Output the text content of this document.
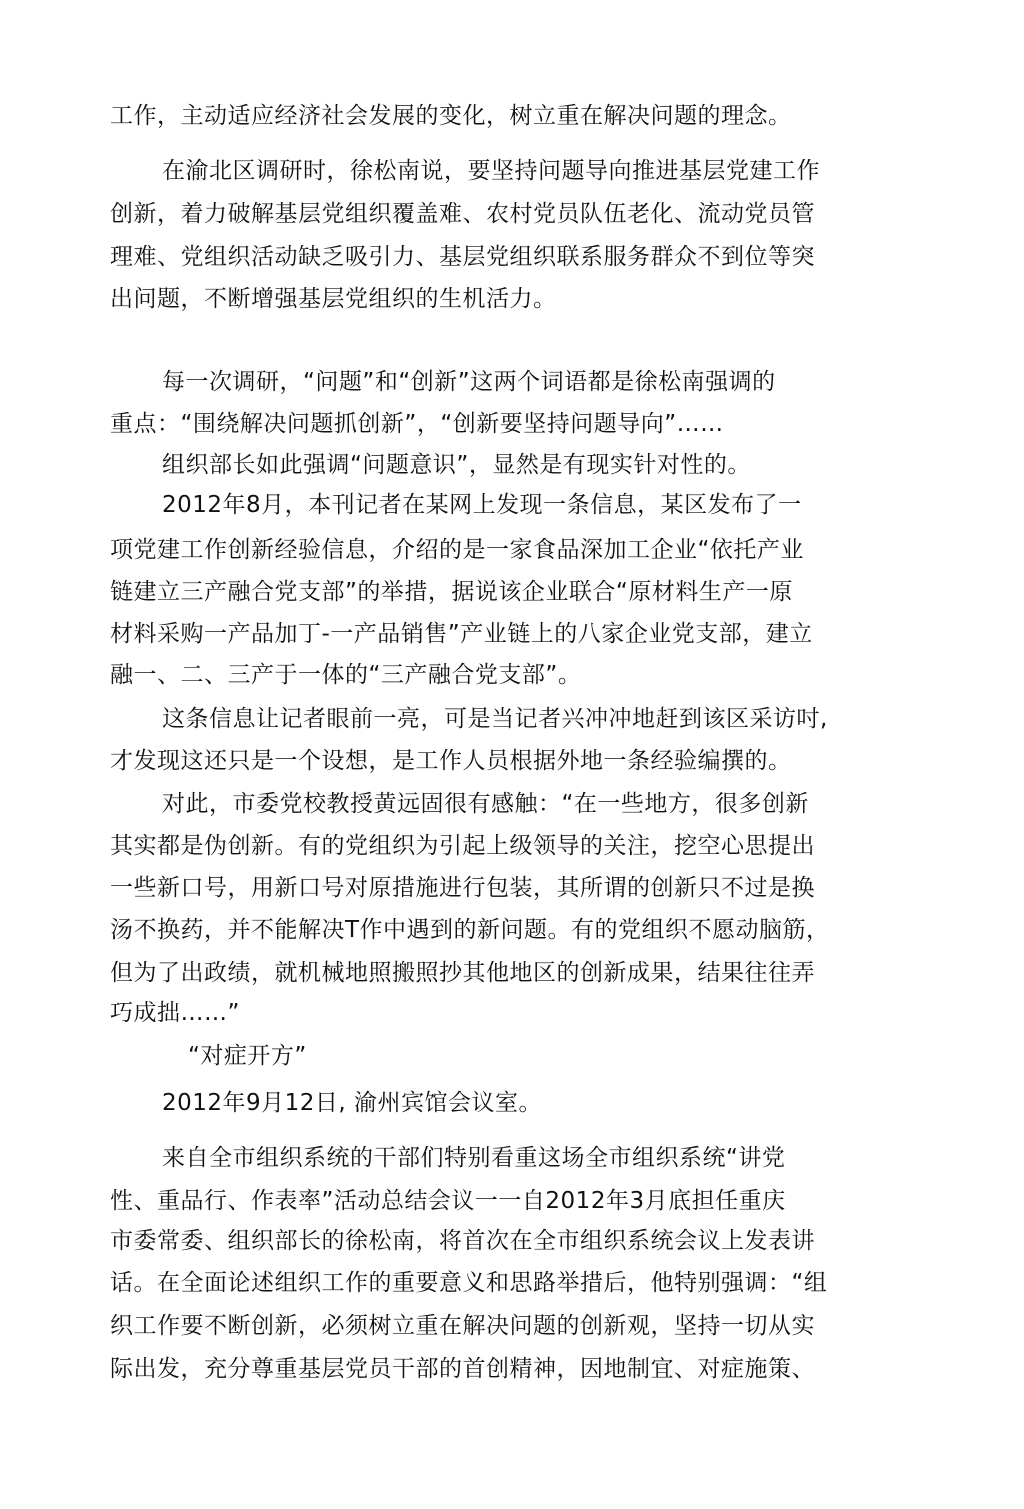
工作，主动适应经济社会发展的变化，树立重在解决问题的理念。
在渝北区调研时，徐松南说，要坚持问题导向推进基层党建工作
创新，着力破解基层党组织覆盖难、农村党员队伍老化、流动党员管
理难、党组织活动缺乏吸引力、基层党组织联系服务群众不到位等突
出问题，不断增强基层党组织的生机活力。
每一次调研，“问题”和“创新”这两个词语都是徐松南强调的
重点：“围绕解决问题抓创新”，“创新要坚持问题导向”……
组织部长如此强调“问题意识”，显然是有现实针对性的。
2012年8月，本刊记者在某网上发现一条信息，某区发布了一
项党建工作创新经验信息，介绍的是一家食品深加工企业“依托产业
链建立三产融合党支部”的举措，据说该企业联合“原材料生产一原
材料采购一产品加丁-一产品销售”产业链上的八家企业党支部，建立
融一、二、三产于一体的“三产融合党支部”。
这条信息让记者眼前一亮，可是当记者兴冲冲地赶到该区采访吋,
才发现这还只是一个设想，是工作人员根据外地一条经验编撰的。
对此，市委党校教授黄远固很有感触：“在一些地方，很多创新
其实都是伪创新。有的党组织为引起上级领导的关注，挖空心思提出
一些新口号，用新口号对原措施进行包装，其所谓的创新只不过是换
汤不换药，并不能解决T作中遇到的新问题。有的党组织不愿动脑筋，
但为了出政绩，就机械地照搬照抄其他地区的创新成果，结果往往弄
巧成拙……”
“对症开方”
2012年9月12日, 渝州宾馆会议室。
来自全市组织系统的干部们特别看重这场全市组织系统“讲党
性、重品行、作表率”活动总结会议一一自2012年3月底担任重庆
市委常委、组织部长的徐松南，将首次在全市组织系统会议上发表讲
话。在全面论述组织工作的重要意义和思路举措后，他特别强调：“组
织工作要不断创新，必须树立重在解决问题的创新观，坚持一切从实
际出发，充分尊重基层党员干部的首创精神，因地制宜、对症施策、
